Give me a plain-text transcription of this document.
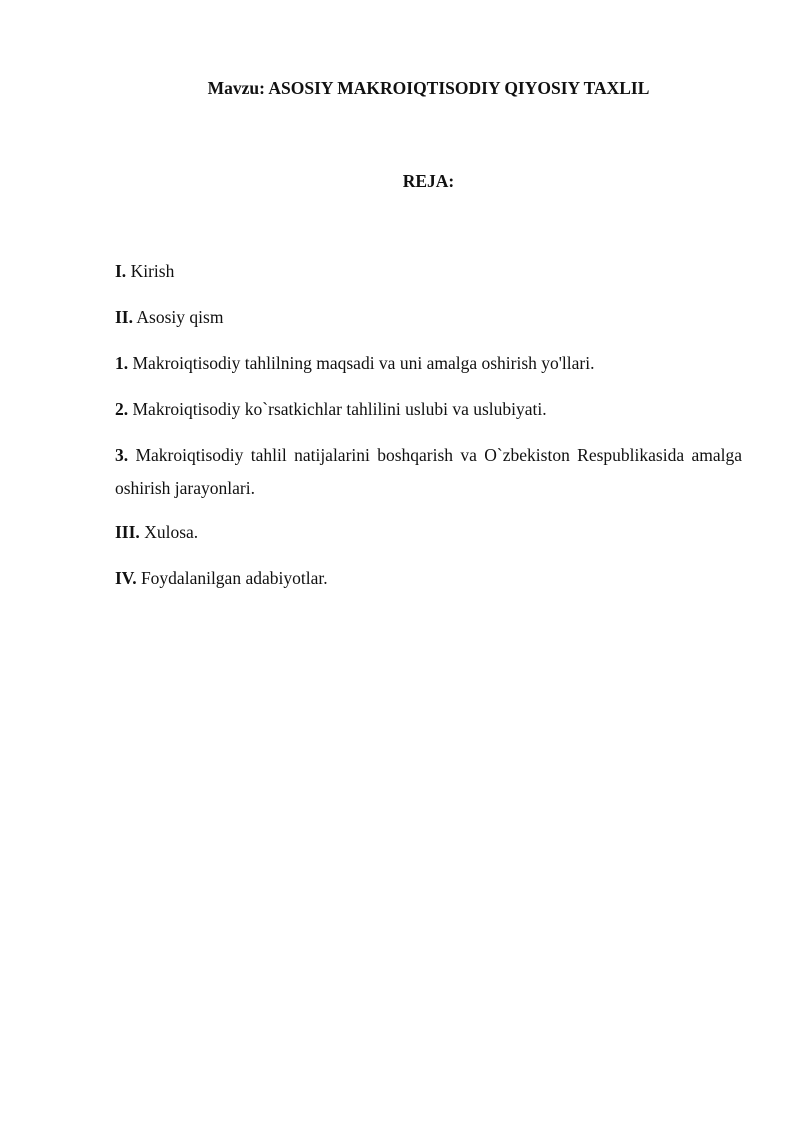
Mavzu: ASOSIY MAKROIQTISODIY QIYOSIY TAXLIL

REJA:

I. Kirish

II. Asosiy qism

1. Makroiqtisodiy tahlilning maqsadi va uni amalga oshirish yo'llari.

2. Makroiqtisodiy ko`rsatkichlar tahlilini uslubi va uslubiyati.

3. Makroiqtisodiy tahlil natijalarini boshqarish va O`zbekiston Respublikasida amalga oshirish jarayonlari.

III. Xulosa.

IV. Foydalanilgan adabiyotlar.
